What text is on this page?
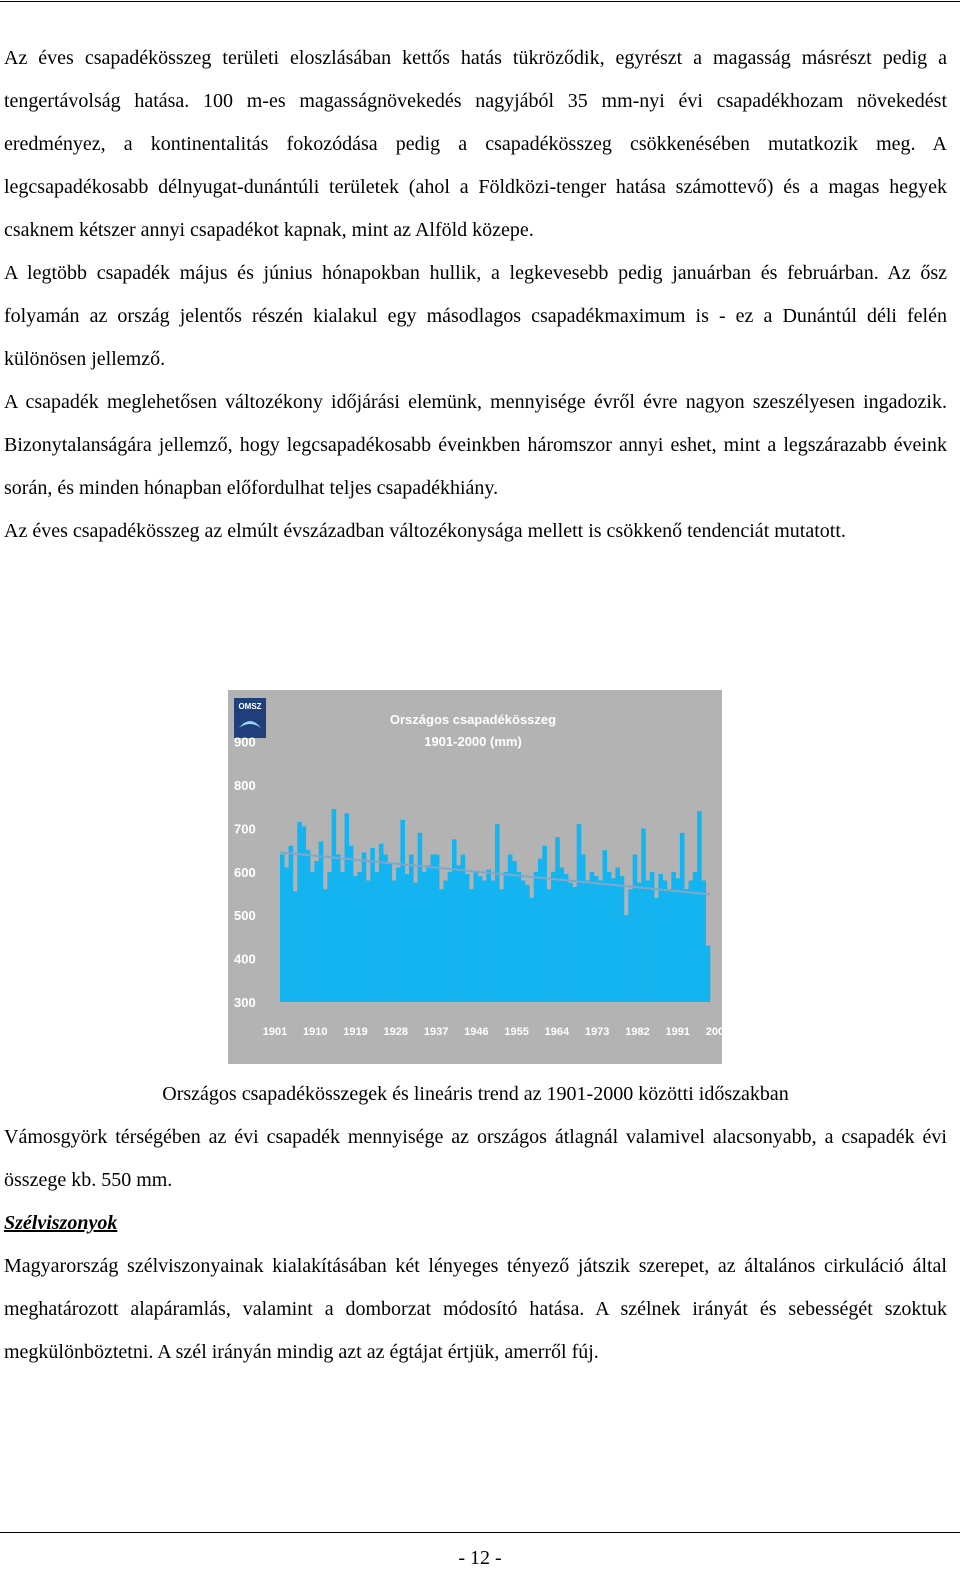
Az éves csapadékösszeg területi eloszlásában kettős hatás tükröződik, egyrészt a magasság másrészt pedig a tengertávolság hatása. 100 m-es magasságnövekedés nagyjából 35 mm-nyi évi csapadékhozam növekedést eredményez, a kontinentalitás fokozódása pedig a csapadékösszeg csökkenésében mutatkozik meg. A legcsapadékosabb délnyugat-dunántúli területek (ahol a Földközi-tenger hatása számottevő) és a magas hegyek csaknem kétszer annyi csapadékot kapnak, mint az Alföld közepe.

A legtöbb csapadék május és június hónapokban hullik, a legkevesebb pedig januárban és februárban. Az ősz folyamán az ország jelentős részén kialakul egy másodlagos csapadékmaximum is - ez a Dunántúl déli felén különösen jellemző.

A csapadék meglehetősen változékony időjárási elemünk, mennyisége évről évre nagyon szeszélyesen ingadozik. Bizonytalanságára jellemző, hogy legcsapadékosabb éveinkben háromszor annyi eshet, mint a legszárazabb éveink során, és minden hónapban előfordulhat teljes csapadékhiány.

Az éves csapadékösszeg az elmúlt évszázadban változékonysága mellett is csökkenő tendenciát mutatott.

OMSZ
Országos csapadékösszeg
1901-2000 (mm)
900
800
700
600
500
400
300
1901 1910 1919 1928 1937 1946 1955 1964 1973 1982 1991 2000
Országos csapadékösszegek és lineáris trend az 1901-2000 közötti időszakban

Vámosgyörk térségében az évi csapadék mennyisége az országos átlagnál valamivel alacsonyabb, a csapadék évi összege kb. 550 mm.

Szélviszonyok

Magyarország szélviszonyainak kialakításában két lényeges tényező játszik szerepet, az általános cirkuláció által meghatározott alapáramlás, valamint a domborzat módosító hatása. A szélnek irányát és sebességét szoktuk megkülönböztetni. A szél irányán mindig azt az égtájat értjük, amerről fúj.

- 12 -
